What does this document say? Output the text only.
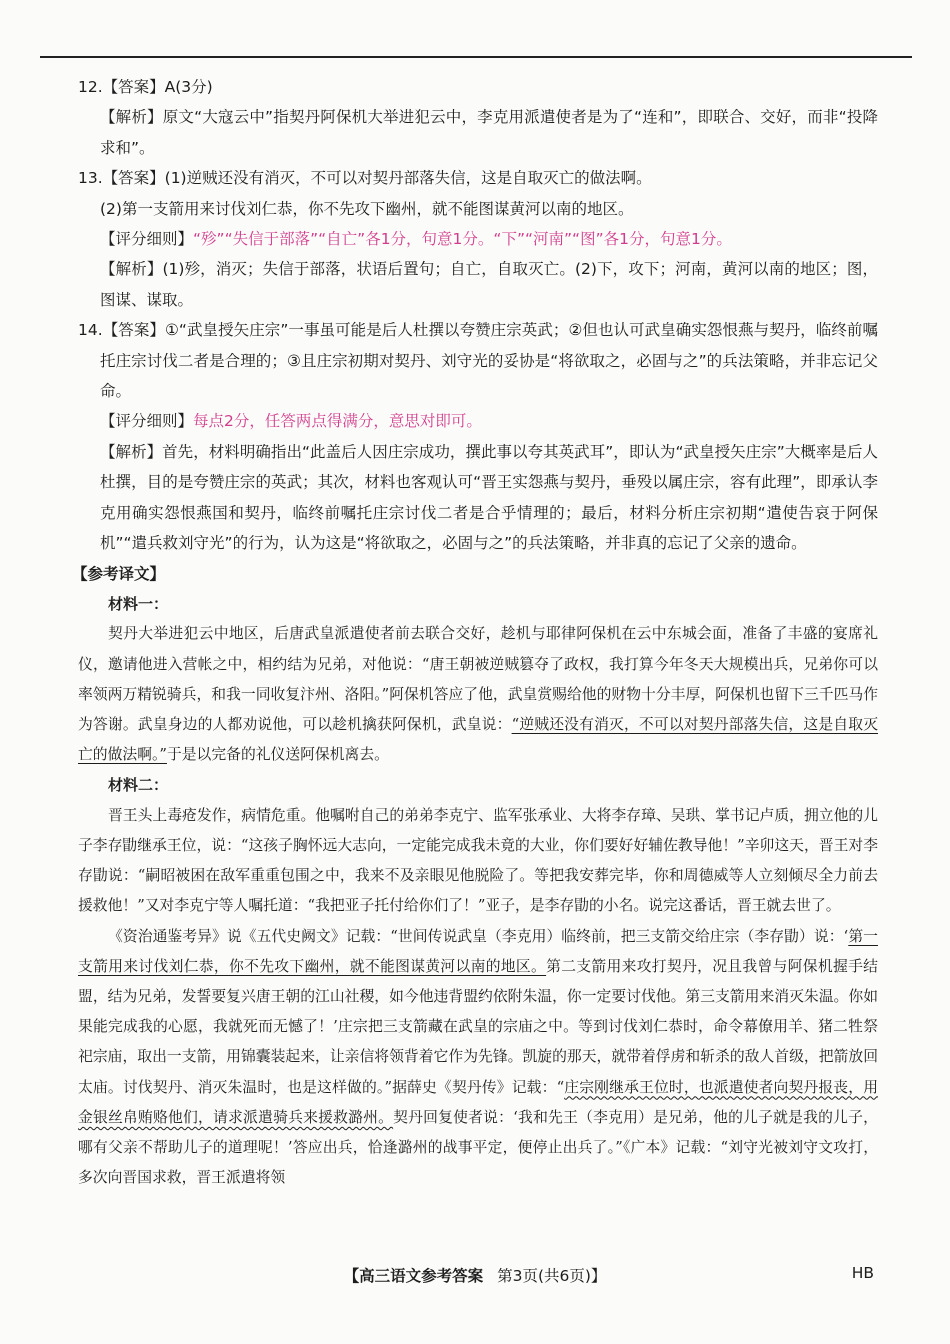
12.【答案】A(3分)

【解析】原文“大寇云中”指契丹阿保机大举进犯云中，李克用派遣使者是为了“连和”，即联合、交好，而非“投降求和”。

13.【答案】(1)逆贼还没有消灭，不可以对契丹部落失信，这是自取灭亡的做法啊。

(2)第一支箭用来讨伐刘仁恭，你不先攻下幽州，就不能图谋黄河以南的地区。

【评分细则】“殄”“失信于部落”“自亡”各1分，句意1分。“下”“河南”“图”各1分，句意1分。

【解析】(1)殄，消灭；失信于部落，状语后置句；自亡，自取灭亡。(2)下，攻下；河南，黄河以南的地区；图，图谋、谋取。

14.【答案】①“武皇授矢庄宗”一事虽可能是后人杜撰以夸赞庄宗英武；②但也认可武皇确实怨恨燕与契丹，临终前嘱托庄宗讨伐二者是合理的；③且庄宗初期对契丹、刘守光的妥协是“将欲取之，必固与之”的兵法策略，并非忘记父命。

【评分细则】每点2分，任答两点得满分，意思对即可。

【解析】首先，材料明确指出“此盖后人因庄宗成功，撰此事以夸其英武耳”，即认为“武皇授矢庄宗”大概率是后人杜撰，目的是夸赞庄宗的英武；其次，材料也客观认可“晋王实怨燕与契丹，垂殁以属庄宗，容有此理”，即承认李克用确实怨恨燕国和契丹，临终前嘱托庄宗讨伐二者是合乎情理的；最后，材料分析庄宗初期“遣使告哀于阿保机”“遣兵救刘守光”的行为，认为这是“将欲取之，必固与之”的兵法策略，并非真的忘记了父亲的遗命。

【参考译文】
材料一：

契丹大举进犯云中地区，后唐武皇派遣使者前去联合交好，趁机与耶律阿保机在云中东城会面，准备了丰盛的宴席礼仪，邀请他进入营帐之中，相约结为兄弟，对他说：“唐王朝被逆贼篡夺了政权，我打算今年冬天大规模出兵，兄弟你可以率领两万精锐骑兵，和我一同收复汴州、洛阳。”阿保机答应了他，武皇赏赐给他的财物十分丰厚，阿保机也留下三千匹马作为答谢。武皇身边的人都劝说他，可以趁机擒获阿保机，武皇说：“逆贼还没有消灭，不可以对契丹部落失信，这是自取灭亡的做法啊。”于是以完备的礼仪送阿保机离去。

材料二：

晋王头上毒疮发作，病情危重。他嘱咐自己的弟弟李克宁、监军张承业、大将李存璋、吴珙、掌书记卢质，拥立他的儿子李存勖继承王位，说：“这孩子胸怀远大志向，一定能完成我未竟的大业，你们要好好辅佐教导他！”辛卯这天，晋王对李存勖说：“嗣昭被困在敌军重重包围之中，我来不及亲眼见他脱险了。等把我安葬完毕，你和周德威等人立刻倾尽全力前去援救他！”又对李克宁等人嘱托道：“我把亚子托付给你们了！”亚子，是李存勖的小名。说完这番话，晋王就去世了。

《资治通鉴考异》说《五代史阙文》记载：“世间传说武皇（李克用）临终前，把三支箭交给庄宗（李存勖）说：‘第一支箭用来讨伐刘仁恭，你不先攻下幽州，就不能图谋黄河以南的地区。第二支箭用来攻打契丹，况且我曾与阿保机握手结盟，结为兄弟，发誓要复兴唐王朝的江山社稷，如今他违背盟约依附朱温，你一定要讨伐他。第三支箭用来消灭朱温。你如果能完成我的心愿，我就死而无憾了！’庄宗把三支箭藏在武皇的宗庙之中。等到讨伐刘仁恭时，命令幕僚用羊、猪二牲祭祀宗庙，取出一支箭，用锦囊装起来，让亲信将领背着它作为先锋。凯旋的那天，就带着俘虏和斩杀的敌人首级，把箭放回太庙。讨伐契丹、消灭朱温时，也是这样做的。”据薛史《契丹传》记载：“庄宗刚继承王位时，也派遣使者向契丹报丧，用金银丝帛贿赂他们，请求派遣骑兵来援救潞州。契丹回复使者说：‘我和先王（李克用）是兄弟，他的儿子就是我的儿子，哪有父亲不帮助儿子的道理呢！’答应出兵，恰逢潞州的战事平定，便停止出兵了。”《广本》记载：“刘守光被刘守文攻打，多次向晋国求救，晋王派遣将领

【高三语文参考答案 第3页(共6页)】	HB
